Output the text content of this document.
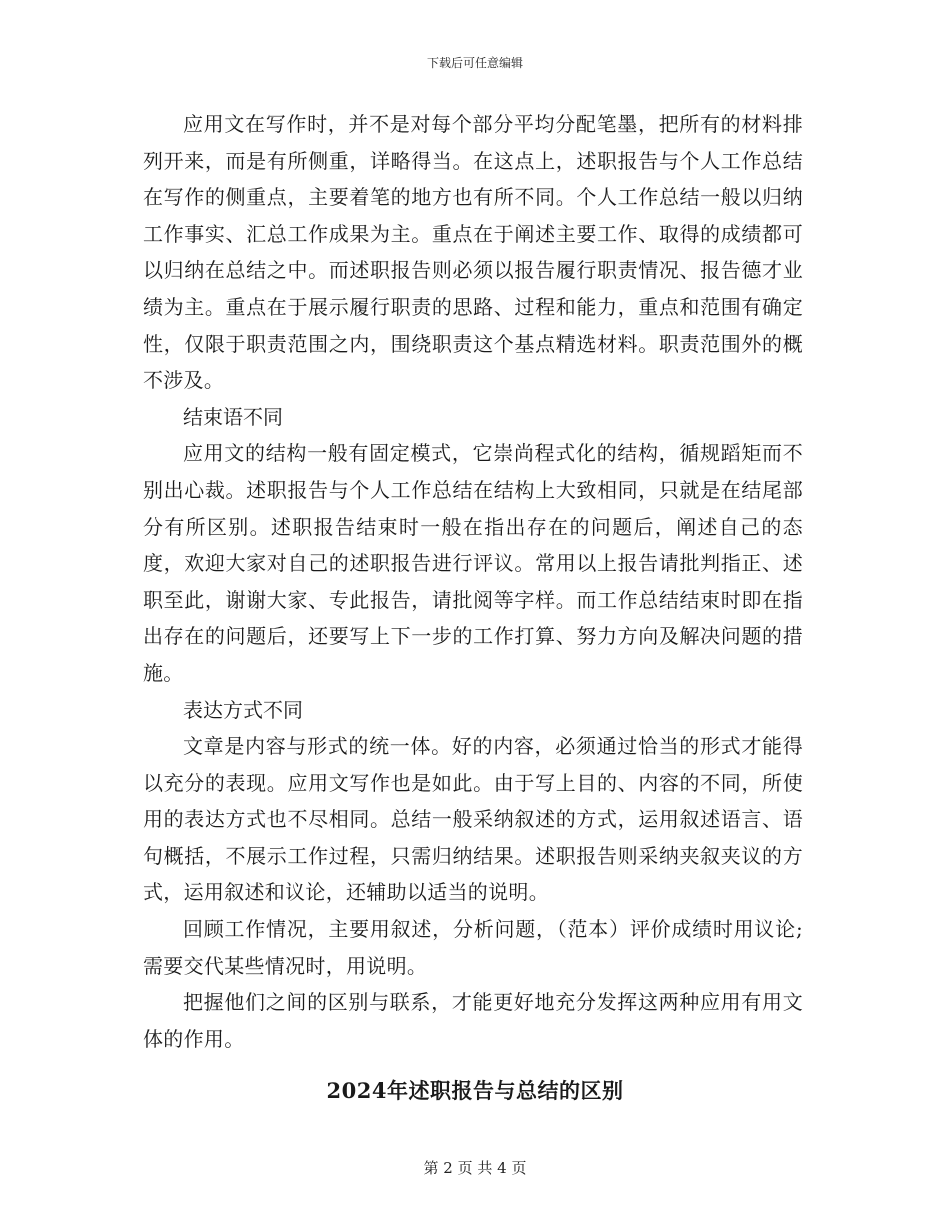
下载后可任意编辑

应用文在写作时，并不是对每个部分平均分配笔墨，把所有的材料排列开来，而是有所侧重，详略得当。在这点上，述职报告与个人工作总结在写作的侧重点，主要着笔的地方也有所不同。个人工作总结一般以归纳工作事实、汇总工作成果为主。重点在于阐述主要工作、取得的成绩都可以归纳在总结之中。而述职报告则必须以报告履行职责情况、报告德才业绩为主。重点在于展示履行职责的思路、过程和能力，重点和范围有确定性，仅限于职责范围之内，围绕职责这个基点精选材料。职责范围外的概不涉及。

结束语不同

应用文的结构一般有固定模式，它崇尚程式化的结构，循规蹈矩而不别出心裁。述职报告与个人工作总结在结构上大致相同，只就是在结尾部分有所区别。述职报告结束时一般在指出存在的问题后，阐述自己的态度，欢迎大家对自己的述职报告进行评议。常用以上报告请批判指正、述职至此，谢谢大家、专此报告，请批阅等字样。而工作总结结束时即在指出存在的问题后，还要写上下一步的工作打算、努力方向及解决问题的措施。

表达方式不同

文章是内容与形式的统一体。好的内容，必须通过恰当的形式才能得以充分的表现。应用文写作也是如此。由于写上目的、内容的不同，所使用的表达方式也不尽相同。总结一般采纳叙述的方式，运用叙述语言、语句概括，不展示工作过程，只需归纳结果。述职报告则采纳夹叙夹议的方式，运用叙述和议论，还辅助以适当的说明。

回顾工作情况，主要用叙述，分析问题，（范本）评价成绩时用议论;需要交代某些情况时，用说明。

把握他们之间的区别与联系，才能更好地充分发挥这两种应用有用文体的作用。

2024年述职报告与总结的区别
第 2 页 共 4 页
